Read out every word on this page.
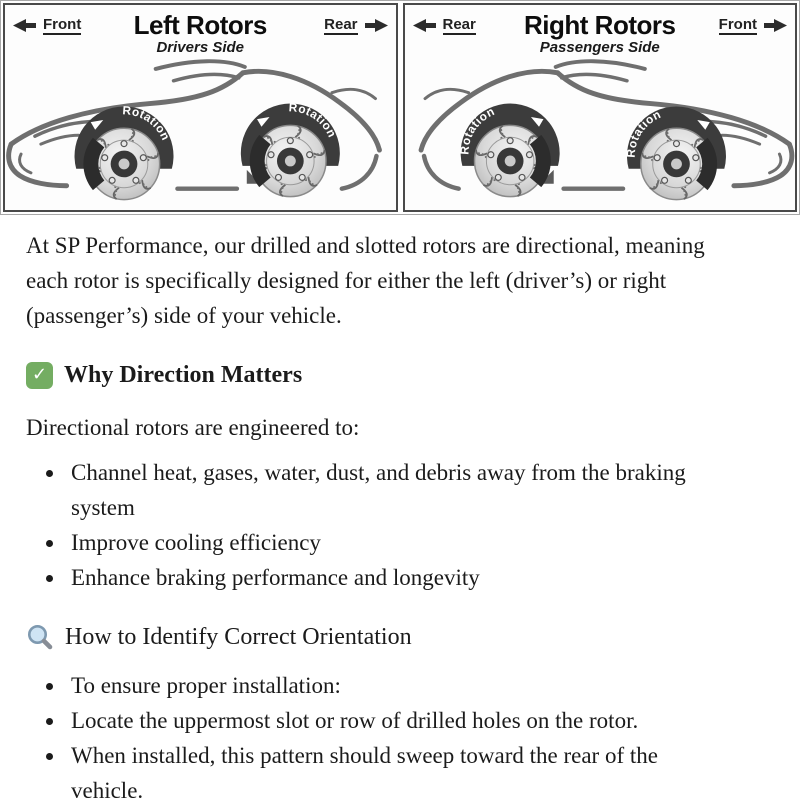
Front Left Rotors
Drivers Side
Rear
Rotation
Rotation
Rear Right Rotors
Passengers Side
Front
Rotation
Rotation

At SP Performance, our drilled and slotted rotors are directional, meaning each rotor is specifically designed for either the left (driver’s) or right (passenger’s) side of your vehicle.

✓ Why Direction Matters

Directional rotors are engineered to:

• Channel heat, gases, water, dust, and debris away from the braking system
• Improve cooling efficiency
• Enhance braking performance and longevity
How to Identify Correct Orientation
• To ensure proper installation:
• Locate the uppermost slot or row of drilled holes on the rotor.
• When installed, this pattern should sweep toward the rear of the vehicle.
